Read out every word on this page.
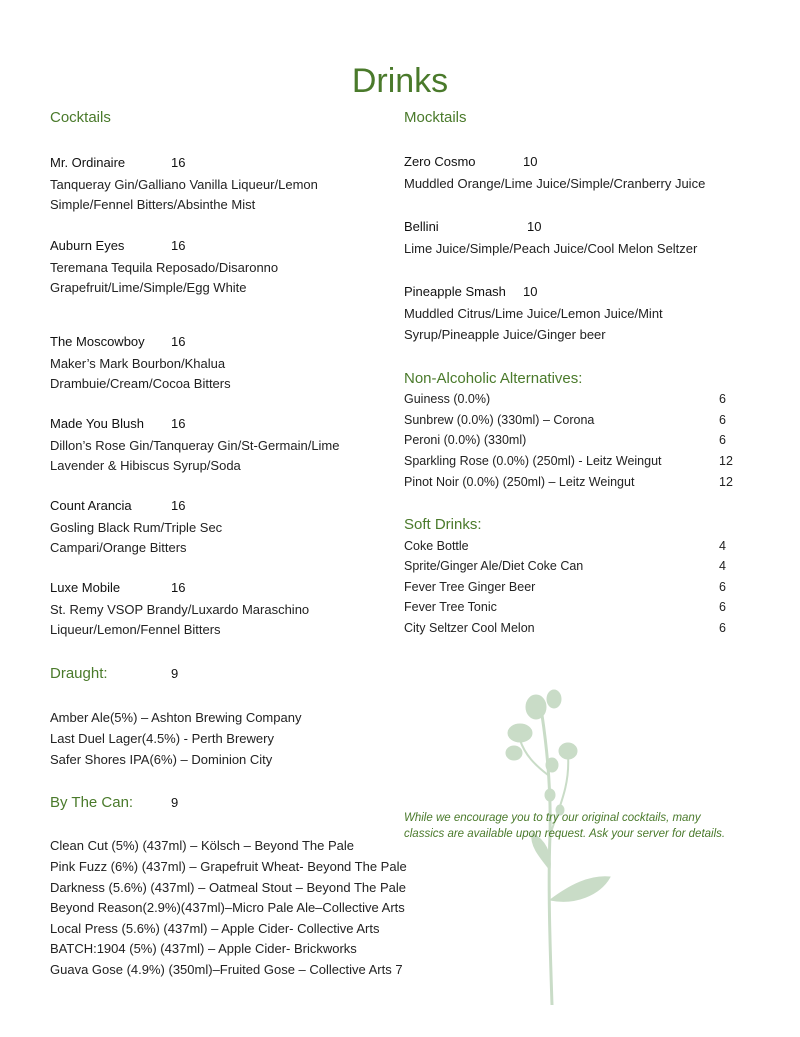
Drinks
Cocktails
Mr. Ordinaire	16
Tanqueray Gin/Galliano Vanilla Liqueur/Lemon
Simple/Fennel Bitters/Absinthe Mist
Auburn Eyes	16
Teremana Tequila Reposado/Disaronno
Grapefruit/Lime/Simple/Egg White
The Moscowboy 16
Maker’s Mark Bourbon/Khalua
Drambuie/Cream/Cocoa Bitters
Made You Blush 16
Dillon’s Rose Gin/Tanqueray Gin/St-Germain/Lime
Lavender & Hibiscus Syrup/Soda
Count Arancia	16
Gosling Black Rum/Triple Sec
Campari/Orange Bitters
Luxe Mobile	16
St. Remy VSOP Brandy/Luxardo Maraschino
Liqueur/Lemon/Fennel Bitters
Draught:	9
Amber Ale(5%) – Ashton Brewing Company
Last Duel Lager(4.5%) - Perth Brewery
Safer Shores IPA(6%) – Dominion City
By The Can:	9
Clean Cut (5%) (437ml) – Kölsch – Beyond The Pale
Pink Fuzz (6%) (437ml) – Grapefruit Wheat- Beyond The Pale
Darkness (5.6%) (437ml) – Oatmeal Stout – Beyond The Pale
Beyond Reason(2.9%)(437ml)–Micro Pale Ale–Collective Arts
Local Press (5.6%) (437ml) – Apple Cider- Collective Arts
BATCH:1904 (5%) (437ml) – Apple Cider- Brickworks
Guava Gose (4.9%) (350ml)–Fruited Gose – Collective Arts 7
Mocktails
Zero Cosmo	10
Muddled Orange/Lime Juice/Simple/Cranberry Juice
Bellini	10
Lime Juice/Simple/Peach Juice/Cool Melon Seltzer
Pineapple Smash 10
Muddled Citrus/Lime Juice/Lemon Juice/Mint
Syrup/Pineapple Juice/Ginger beer
Non-Alcoholic Alternatives:
Guiness (0.0%)	6
Sunbrew (0.0%) (330ml) – Corona	6
Peroni (0.0%) (330ml)	6
Sparkling Rose (0.0%) (250ml) - Leitz Weingut	12
Pinot Noir (0.0%) (250ml) – Leitz Weingut	12
Soft Drinks:
Coke Bottle	4
Sprite/Ginger Ale/Diet Coke Can	4
Fever Tree Ginger Beer	6
Fever Tree Tonic	6
City Seltzer Cool Melon	6
While we encourage you to try our original cocktails, many
classics are available upon request. Ask your server for details.
